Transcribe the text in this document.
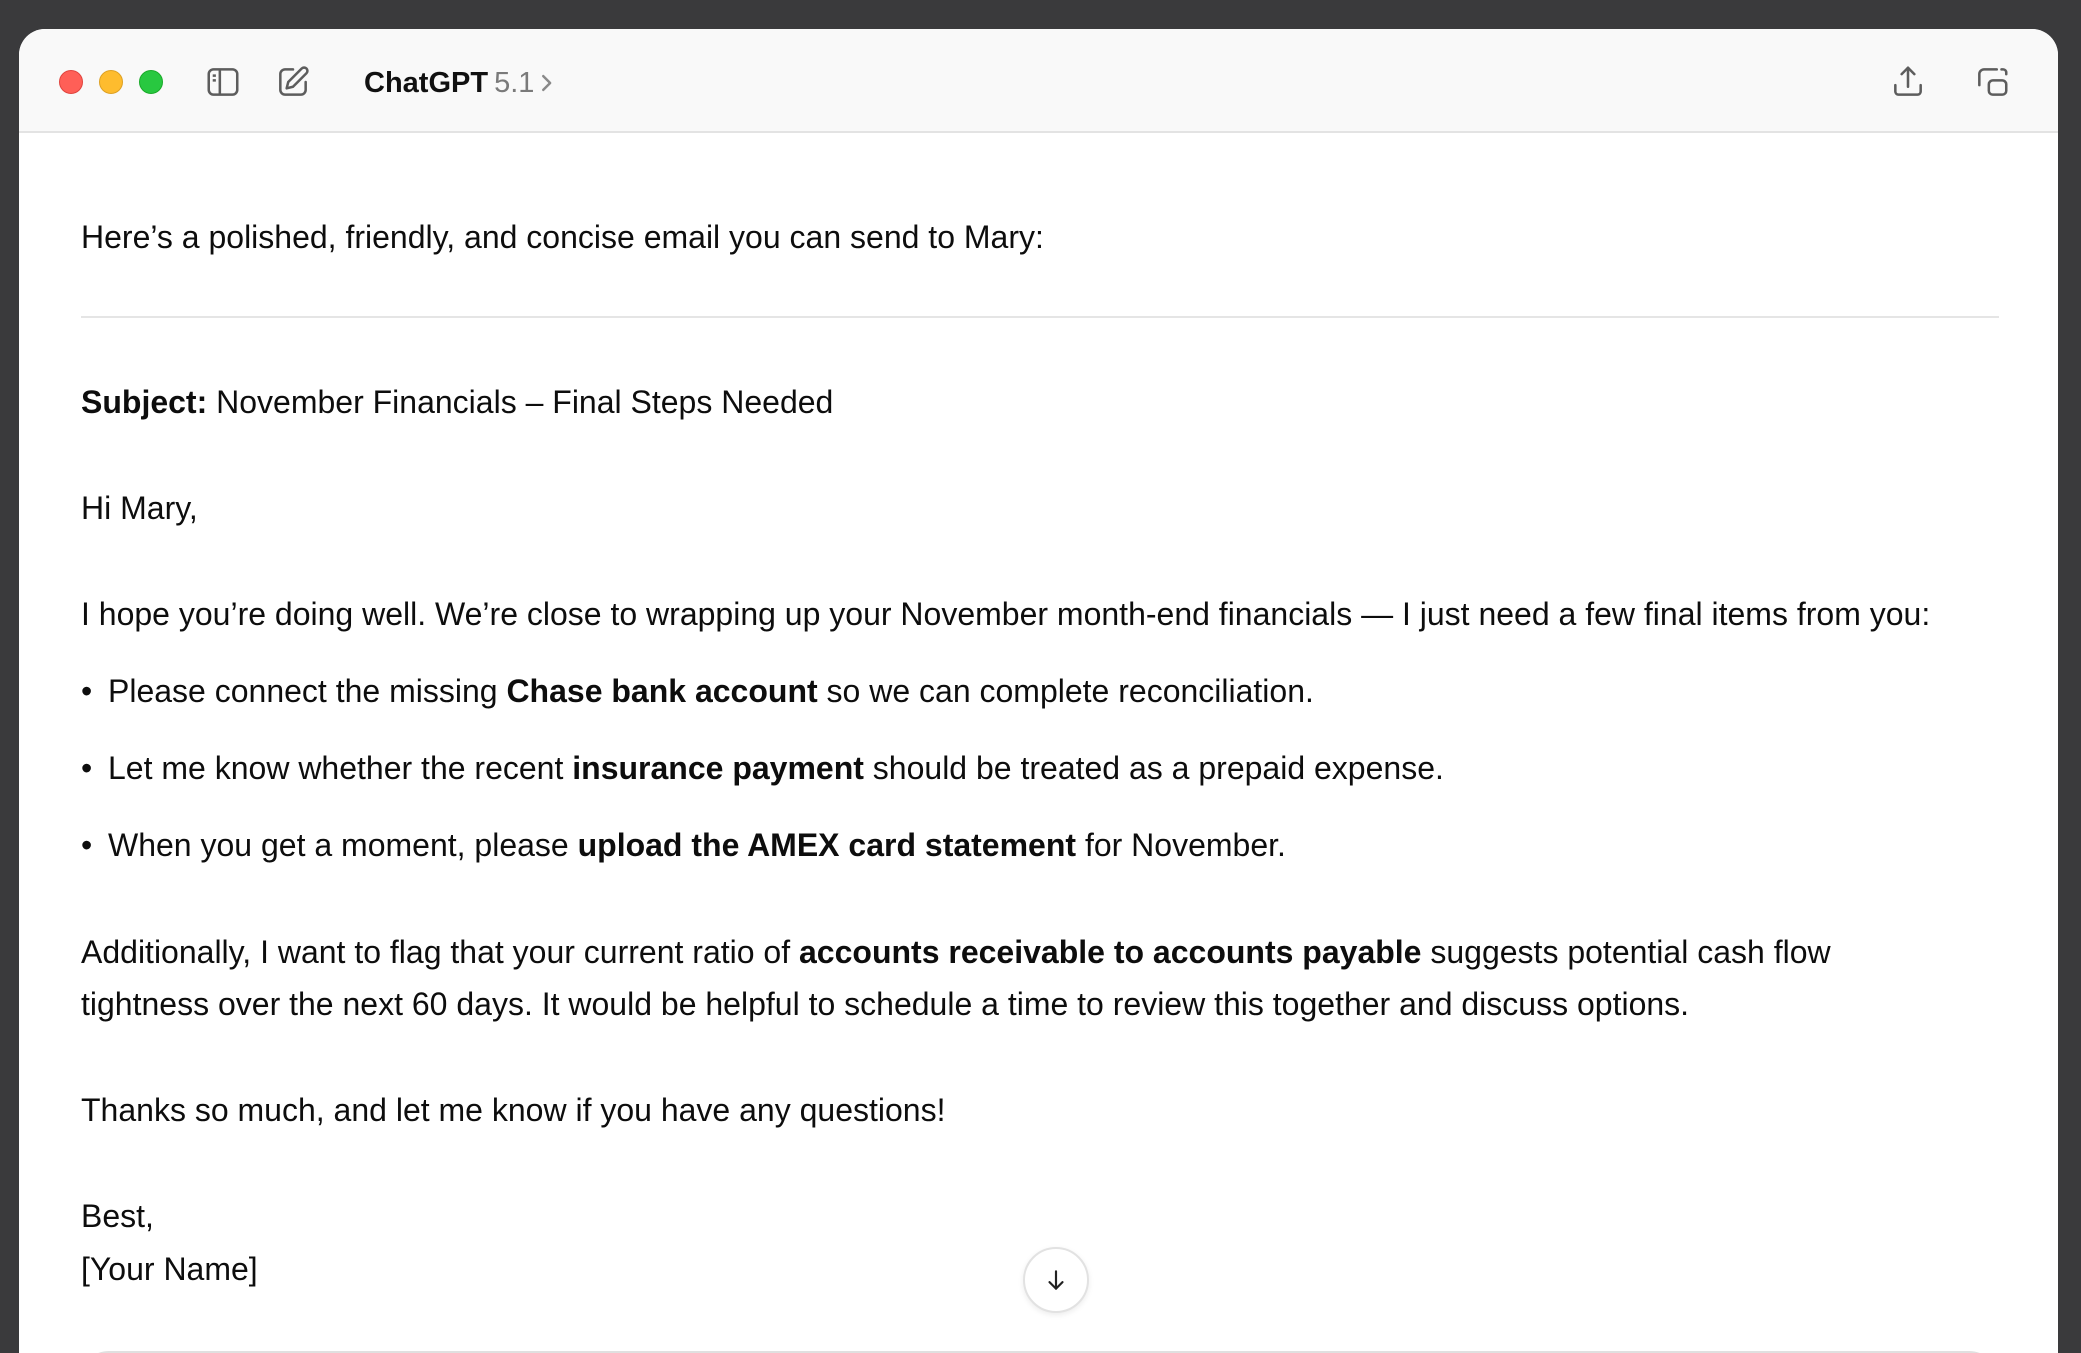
ChatGPT 5.1

Here’s a polished, friendly, and concise email you can send to Mary:

Subject: November Financials – Final Steps Needed

Hi Mary,

I hope you’re doing well. We’re close to wrapping up your November month-end financials — I just need a few final items from you:

• Please connect the missing Chase bank account so we can complete reconciliation.
• Let me know whether the recent insurance payment should be treated as a prepaid expense.
• When you get a moment, please upload the AMEX card statement for November.

Additionally, I want to flag that your current ratio of accounts receivable to accounts payable suggests potential cash flow

tightness over the next 60 days. It would be helpful to schedule a time to review this together and discuss options.

Thanks so much, and let me know if you have any questions!

Best,

[Your Name]
